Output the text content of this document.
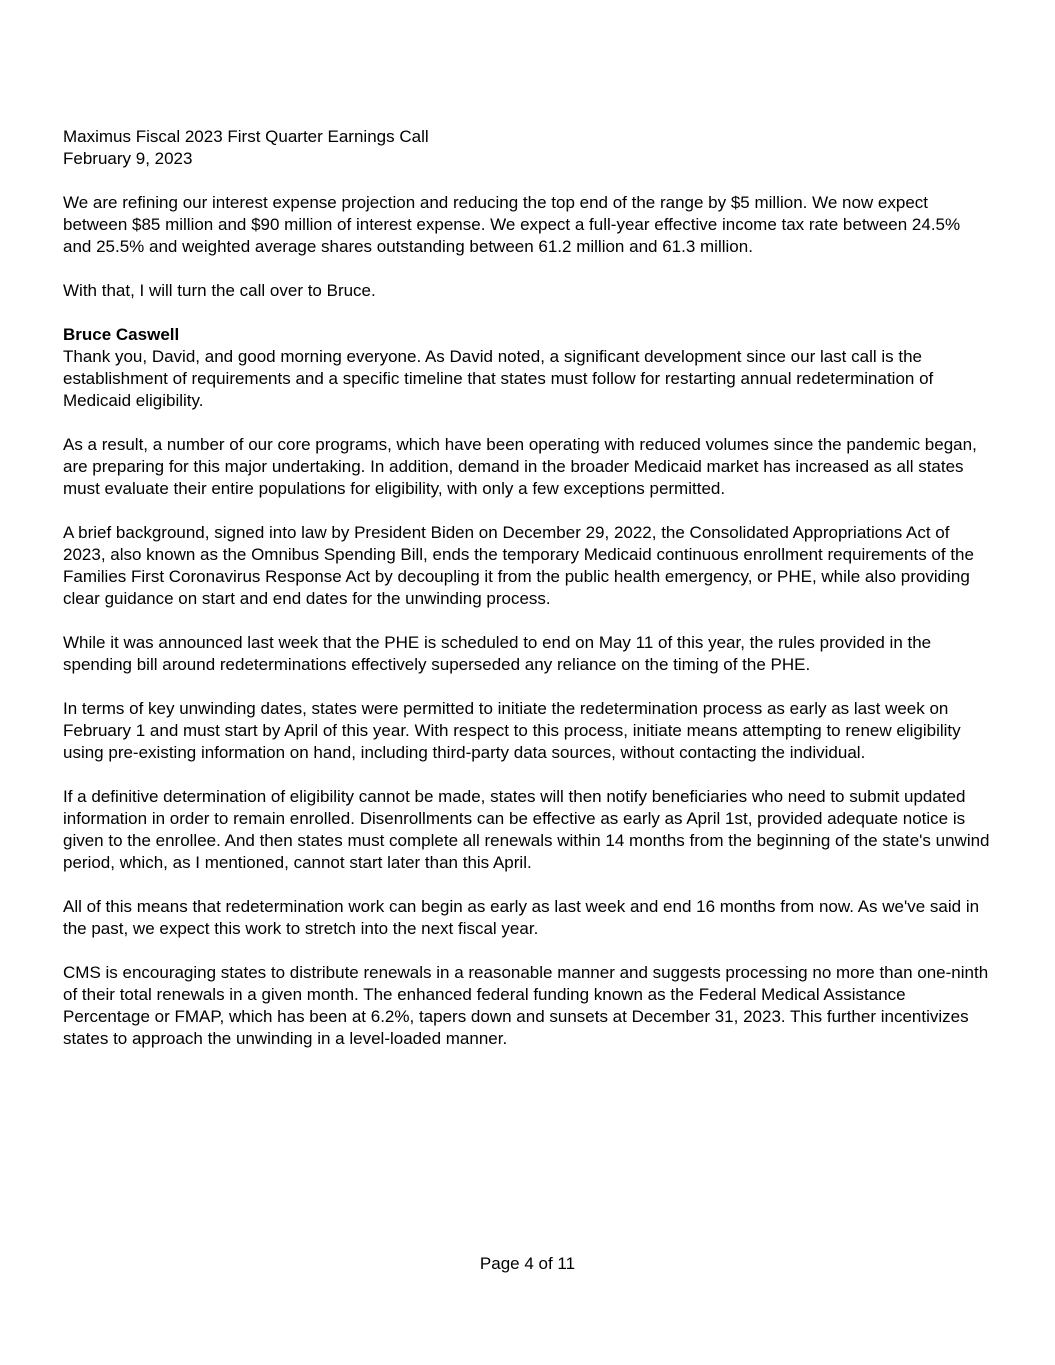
Maximus Fiscal 2023 First Quarter Earnings Call
February 9, 2023

We are refining our interest expense projection and reducing the top end of the range by $5 million. We now expect between $85 million and $90 million of interest expense. We expect a full-year effective income tax rate between 24.5% and 25.5% and weighted average shares outstanding between 61.2 million and 61.3 million.

With that, I will turn the call over to Bruce.

Bruce Caswell

Thank you, David, and good morning everyone. As David noted, a significant development since our last call is the establishment of requirements and a specific timeline that states must follow for restarting annual redetermination of Medicaid eligibility.

As a result, a number of our core programs, which have been operating with reduced volumes since the pandemic began, are preparing for this major undertaking. In addition, demand in the broader Medicaid market has increased as all states must evaluate their entire populations for eligibility, with only a few exceptions permitted.

A brief background, signed into law by President Biden on December 29, 2022, the Consolidated Appropriations Act of 2023, also known as the Omnibus Spending Bill, ends the temporary Medicaid continuous enrollment requirements of the Families First Coronavirus Response Act by decoupling it from the public health emergency, or PHE, while also providing clear guidance on start and end dates for the unwinding process.

While it was announced last week that the PHE is scheduled to end on May 11 of this year, the rules provided in the spending bill around redeterminations effectively superseded any reliance on the timing of the PHE.

In terms of key unwinding dates, states were permitted to initiate the redetermination process as early as last week on February 1 and must start by April of this year. With respect to this process, initiate means attempting to renew eligibility using pre-existing information on hand, including third-party data sources, without contacting the individual.

If a definitive determination of eligibility cannot be made, states will then notify beneficiaries who need to submit updated information in order to remain enrolled. Disenrollments can be effective as early as April 1st, provided adequate notice is given to the enrollee. And then states must complete all renewals within 14 months from the beginning of the state's unwind period, which, as I mentioned, cannot start later than this April.

All of this means that redetermination work can begin as early as last week and end 16 months from now. As we've said in the past, we expect this work to stretch into the next fiscal year.

CMS is encouraging states to distribute renewals in a reasonable manner and suggests processing no more than one-ninth of their total renewals in a given month. The enhanced federal funding known as the Federal Medical Assistance Percentage or FMAP, which has been at 6.2%, tapers down and sunsets at December 31, 2023. This further incentivizes states to approach the unwinding in a level-loaded manner.

Page 4 of 11
